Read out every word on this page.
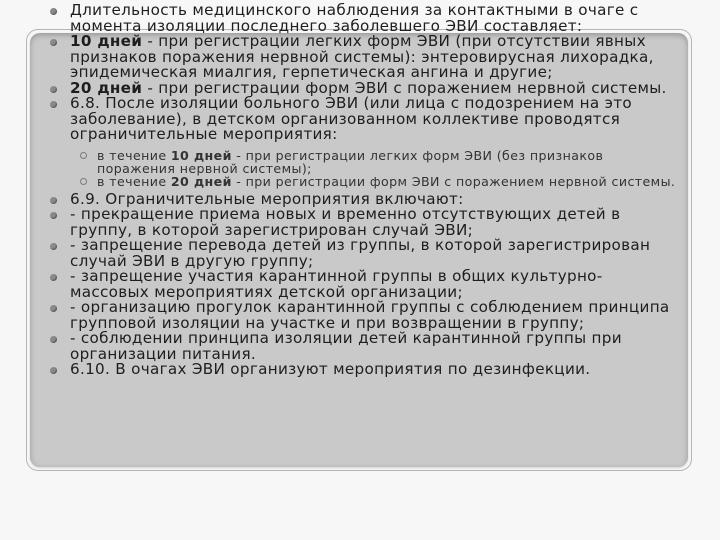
Длительность медицинского наблюдения за контактными в очаге с момента изоляции последнего заболевшего ЭВИ составляет:
10 дней - при регистрации легких форм ЭВИ (при отсутствии явных признаков поражения нервной системы): энтеровирусная лихорадка, эпидемическая миалгия, герпетическая ангина и другие;
20 дней - при регистрации форм ЭВИ с поражением нервной системы.
6.8. После изоляции больного ЭВИ (или лица с подозрением на это заболевание), в детском организованном коллективе проводятся ограничительные мероприятия:
в течение 10 дней - при регистрации легких форм ЭВИ (без признаков поражения нервной системы);
в течение 20 дней - при регистрации форм ЭВИ с поражением нервной системы.
6.9. Ограничительные мероприятия включают:
- прекращение приема новых и временно отсутствующих детей в группу, в которой зарегистрирован случай ЭВИ;
- запрещение перевода детей из группы, в которой зарегистрирован случай ЭВИ в другую группу;
- запрещение участия карантинной группы в общих культурно-массовых мероприятиях детской организации;
- организацию прогулок карантинной группы с соблюдением принципа групповой изоляции на участке и при возвращении в группу;
- соблюдении принципа изоляции детей карантинной группы при организации питания.
6.10. В очагах ЭВИ организуют мероприятия по дезинфекции.
